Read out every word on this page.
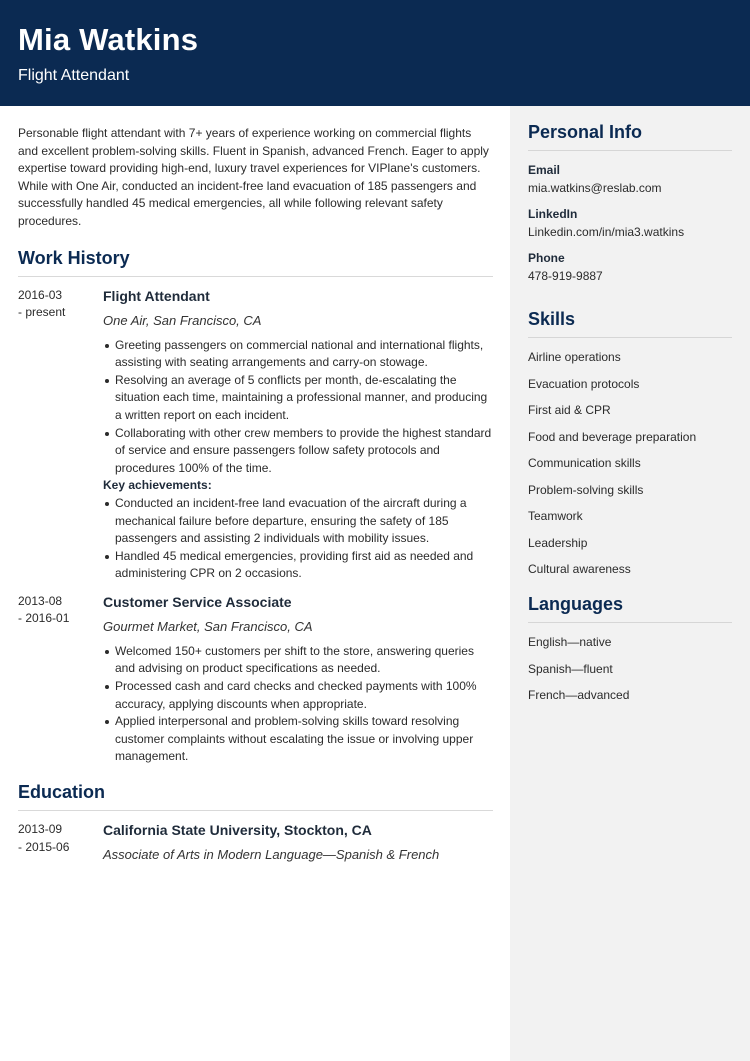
Mia Watkins
Flight Attendant
Personal Info
Email
mia.watkins@reslab.com
LinkedIn
Linkedin.com/in/mia3.watkins
Phone
478-919-9887
Skills
Airline operations
Evacuation protocols
First aid & CPR
Food and beverage preparation
Communication skills
Problem-solving skills
Teamwork
Leadership
Cultural awareness
Languages
English—native
Spanish—fluent
French—advanced
Personable flight attendant with 7+ years of experience working on commercial flights and excellent problem-solving skills. Fluent in Spanish, advanced French. Eager to apply expertise toward providing high-end, luxury travel experiences for VIPlane's customers. While with One Air, conducted an incident-free land evacuation of 185 passengers and successfully handled 45 medical emergencies, all while following relevant safety procedures.
Work History
2016-03
- present
Flight Attendant
One Air, San Francisco, CA
Greeting passengers on commercial national and international flights, assisting with seating arrangements and carry-on stowage.
Resolving an average of 5 conflicts per month, de-escalating the situation each time, maintaining a professional manner, and producing a written report on each incident.
Collaborating with other crew members to provide the highest standard of service and ensure passengers follow safety protocols and procedures 100% of the time.
Key achievements:
Conducted an incident-free land evacuation of the aircraft during a mechanical failure before departure, ensuring the safety of 185 passengers and assisting 2 individuals with mobility issues.
Handled 45 medical emergencies, providing first aid as needed and administering CPR on 2 occasions.
2013-08
- 2016-01
Customer Service Associate
Gourmet Market, San Francisco, CA
Welcomed 150+ customers per shift to the store, answering queries and advising on product specifications as needed.
Processed cash and card checks and checked payments with 100% accuracy, applying discounts when appropriate.
Applied interpersonal and problem-solving skills toward resolving customer complaints without escalating the issue or involving upper management.
Education
2013-09
- 2015-06
California State University, Stockton, CA
Associate of Arts in Modern Language—Spanish & French
